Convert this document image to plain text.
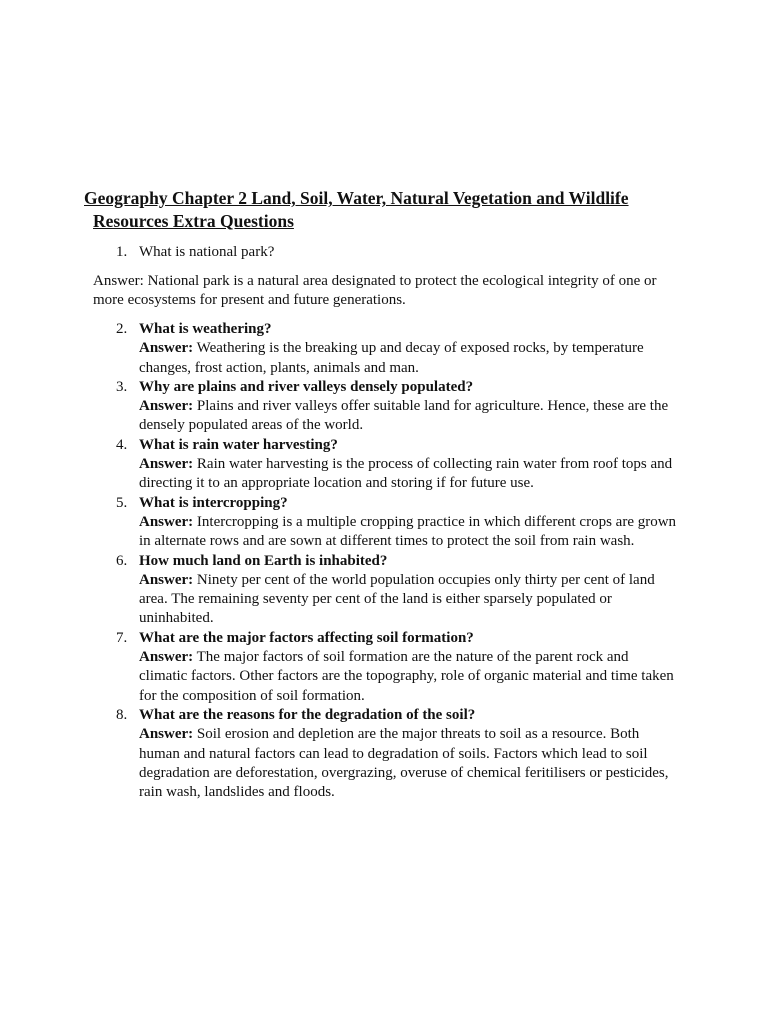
Geography Chapter 2 Land, Soil, Water, Natural Vegetation and Wildlife
Resources Extra Questions
1. What is national park?

Answer: National park is a natural area designated to protect the ecological integrity of one or more ecosystems for present and future generations.

2. What is weathering?
Answer: Weathering is the breaking up and decay of exposed rocks, by temperature changes, frost action, plants, animals and man.
3. Why are plains and river valleys densely populated?
Answer: Plains and river valleys offer suitable land for agriculture. Hence, these are the densely populated areas of the world.
4. What is rain water harvesting?
Answer: Rain water harvesting is the process of collecting rain water from roof tops and directing it to an appropriate location and storing if for future use.
5. What is intercropping?
Answer: Intercropping is a multiple cropping practice in which different crops are grown in alternate rows and are sown at different times to protect the soil from rain wash.
6. How much land on Earth is inhabited?
Answer: Ninety per cent of the world population occupies only thirty per cent of land area. The remaining seventy per cent of the land is either sparsely populated or uninhabited.
7. What are the major factors affecting soil formation?
Answer: The major factors of soil formation are the nature of the parent rock and climatic factors. Other factors are the topography, role of organic material and time taken for the composition of soil formation.
8. What are the reasons for the degradation of the soil?
Answer: Soil erosion and depletion are the major threats to soil as a resource. Both human and natural factors can lead to degradation of soils. Factors which lead to soil degradation are deforestation, overgrazing, overuse of chemical feritilisers or pesticides, rain wash, landslides and floods.
